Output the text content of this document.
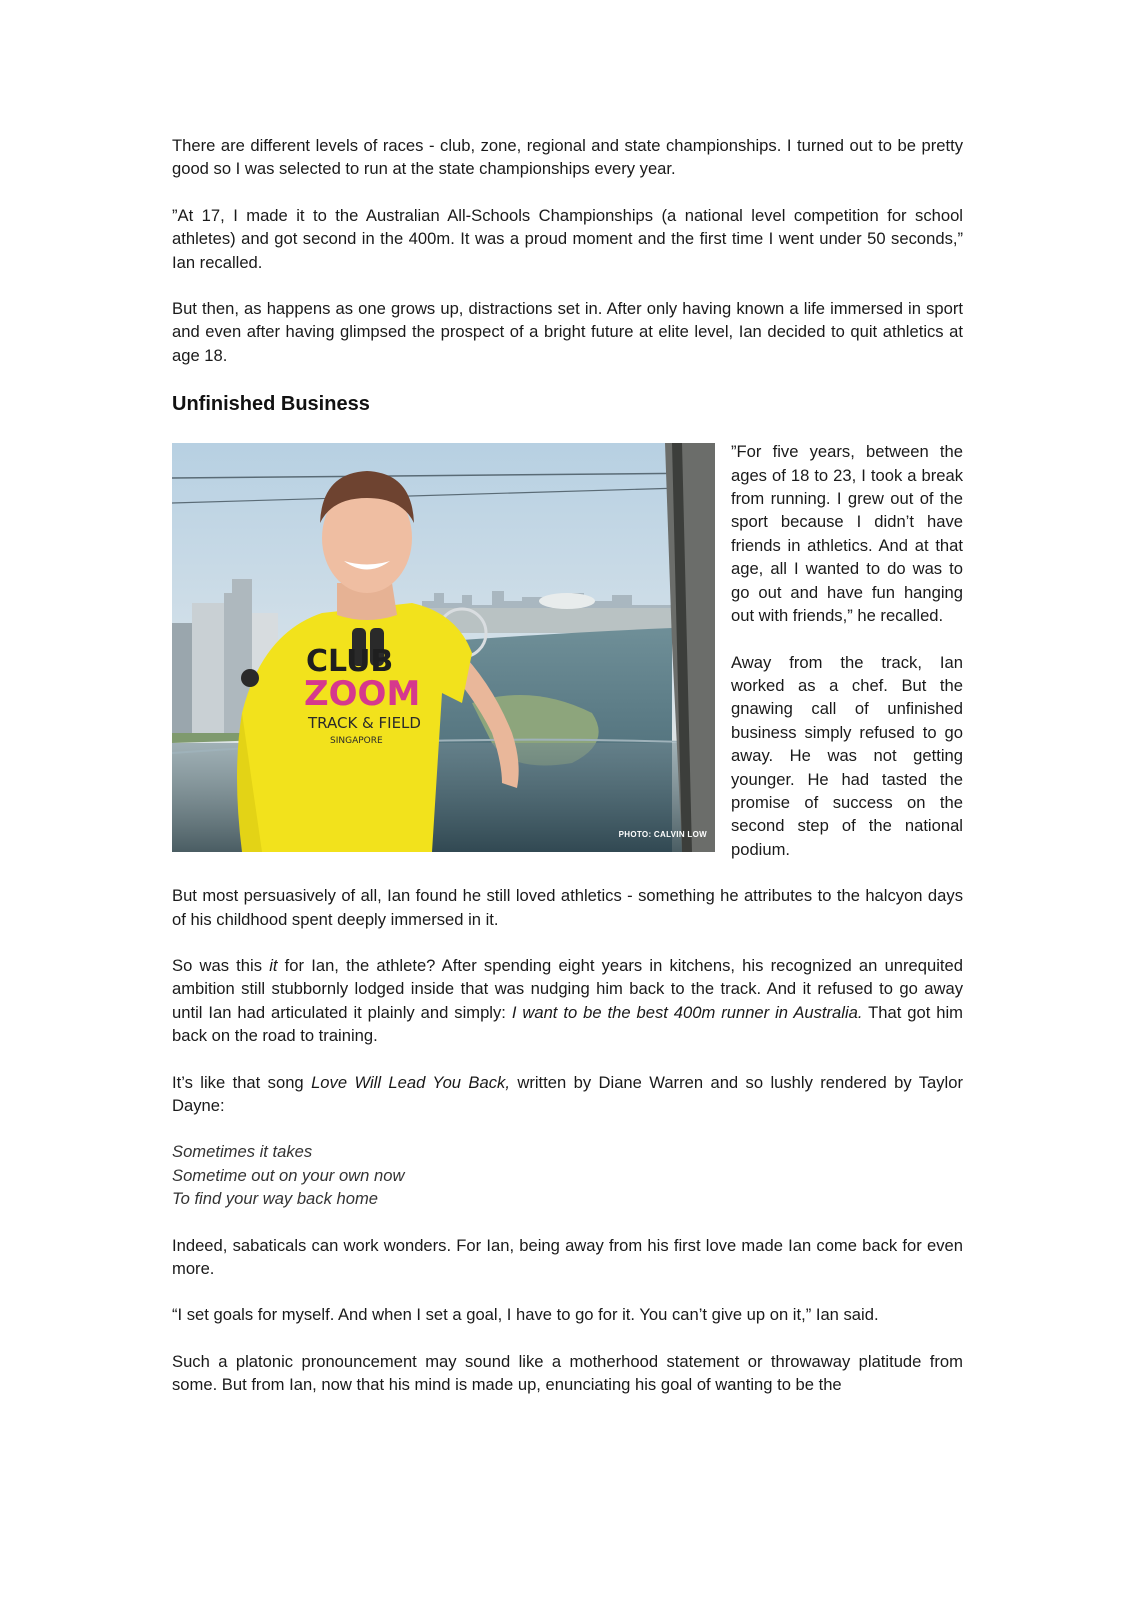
There are different levels of races - club, zone, regional and state championships. I turned out to be pretty good so I was selected to run at the state championships every year.

”At 17, I made it to the Australian All-Schools Championships (a national level competition for school athletes) and got second in the 400m. It was a proud moment and the first time I went under 50 seconds,” Ian recalled.

But then, as happens as one grows up, distractions set in. After only having known a life immersed in sport and even after having glimpsed the prospect of a bright future at elite level, Ian decided to quit athletics at age 18.

Unfinished Business
CLUB
ZOOM
TRACK & FIELD
SINGAPORE
PHOTO: CALVIN LOW

”For five years, between the ages of 18 to 23, I took a break from running. I grew out of the sport because I didn’t have friends in athletics. And at that age, all I wanted to do was to go out and have fun hanging out with friends,” he recalled.

Away from the track, Ian worked as a chef. But the gnawing call of unfinished business simply refused to go away. He was not getting younger. He had tasted the promise of success on the second step of the national podium.

But most persuasively of all, Ian found he still loved athletics - something he attributes to the halcyon days of his childhood spent deeply immersed in it.

So was this it for Ian, the athlete? After spending eight years in kitchens, his recognized an unrequited ambition still stubbornly lodged inside that was nudging him back to the track. And it refused to go away until Ian had articulated it plainly and simply: I want to be the best 400m runner in Australia. That got him back on the road to training.

It’s like that song Love Will Lead You Back, written by Diane Warren and so lushly rendered by Taylor Dayne:

Sometimes it takes
Sometime out on your own now
To find your way back home

Indeed, sabaticals can work wonders. For Ian, being away from his first love made Ian come back for even more.

“I set goals for myself. And when I set a goal, I have to go for it. You can’t give up on it,” Ian said.

Such a platonic pronouncement may sound like a motherhood statement or throwaway platitude from some. But from Ian, now that his mind is made up, enunciating his goal of wanting to be the
